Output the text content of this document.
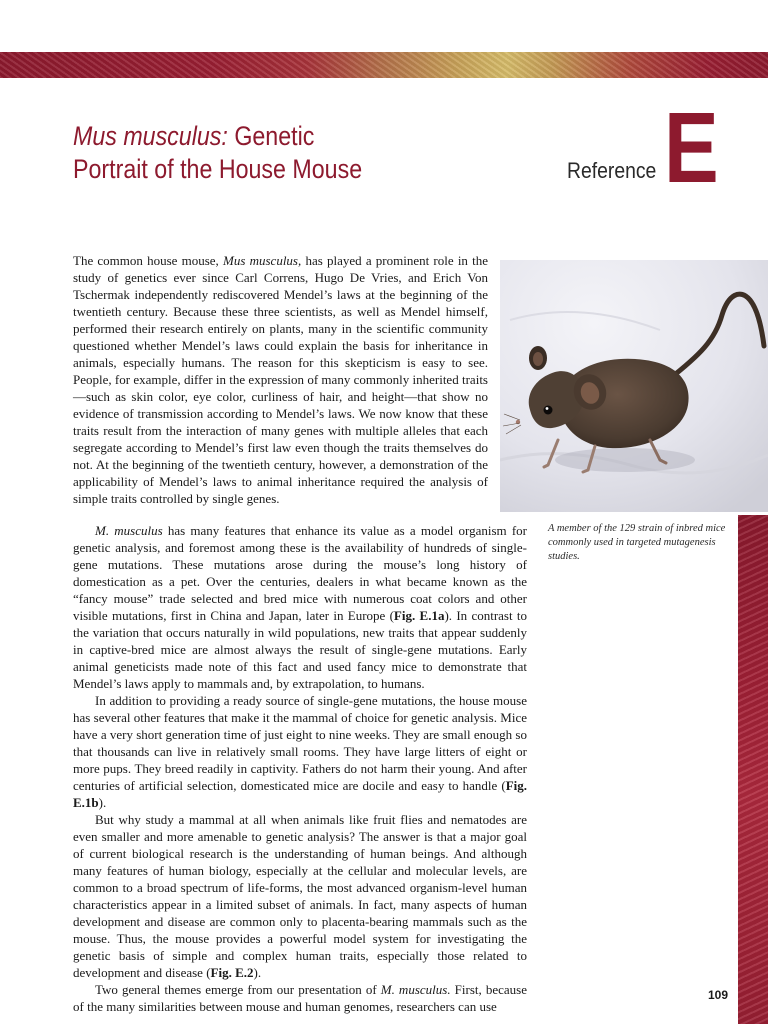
Mus musculus: Genetic
Portrait of the House Mouse	Reference E

A member of the 129 strain of inbred mice commonly used in targeted mutagenesis studies.

The common house mouse, Mus musculus, has played a prominent role in the study of genetics ever since Carl Correns, Hugo De Vries, and Erich Von Tschermak independently rediscovered Mendel’s laws at the beginning of the twentieth century. Because these three scientists, as well as Mendel himself, performed their research entirely on plants, many in the scientific community questioned whether Mendel’s laws could explain the basis for inheritance in animals, especially humans. The reason for this skepticism is easy to see. People, for example, differ in the expression of many commonly inherited traits—such as skin color, eye color, curliness of hair, and height—that show no evidence of transmission according to Mendel’s laws. We now know that these traits result from the interaction of many genes with multiple alleles that each segregate according to Mendel’s first law even though the traits themselves do not. At the beginning of the twentieth century, however, a demonstration of the applicability of Mendel’s laws to animal inheritance required the analysis of simple traits controlled by single genes.

M. musculus has many features that enhance its value as a model organism for genetic analysis, and foremost among these is the availability of hundreds of single-gene mutations. These mutations arose during the mouse’s long history of domestication as a pet. Over the centuries, dealers in what became known as the “fancy mouse” trade selected and bred mice with numerous coat colors and other visible mutations, first in China and Japan, later in Europe (Fig. E.1a). In contrast to the variation that occurs naturally in wild populations, new traits that appear suddenly in captive-bred mice are almost always the result of single-gene mutations. Early animal geneticists made note of this fact and used fancy mice to demonstrate that Mendel’s laws apply to mammals and, by extrapolation, to humans.

In addition to providing a ready source of single-gene mutations, the house mouse has several other features that make it the mammal of choice for genetic analysis. Mice have a very short generation time of just eight to nine weeks. They are small enough so that thousands can live in relatively small rooms. They have large litters of eight or more pups. They breed readily in captivity. Fathers do not harm their young. And after centuries of artificial selection, domesticated mice are docile and easy to handle (Fig. E.1b).

But why study a mammal at all when animals like fruit flies and nematodes are even smaller and more amenable to genetic analysis? The answer is that a major goal of current biological research is the understanding of human beings. And although many features of human biology, especially at the cellular and molecular levels, are common to a broad spectrum of life-forms, the most advanced organism-level human characteristics appear in a limited subset of animals. In fact, many aspects of human development and disease are common only to placenta-bearing mammals such as the mouse. Thus, the mouse provides a powerful model system for investigating the genetic basis of simple and complex human traits, especially those related to development and disease (Fig. E.2).

Two general themes emerge from our presentation of M. musculus. First, because of the many similarities between mouse and human genomes, researchers can use

109
